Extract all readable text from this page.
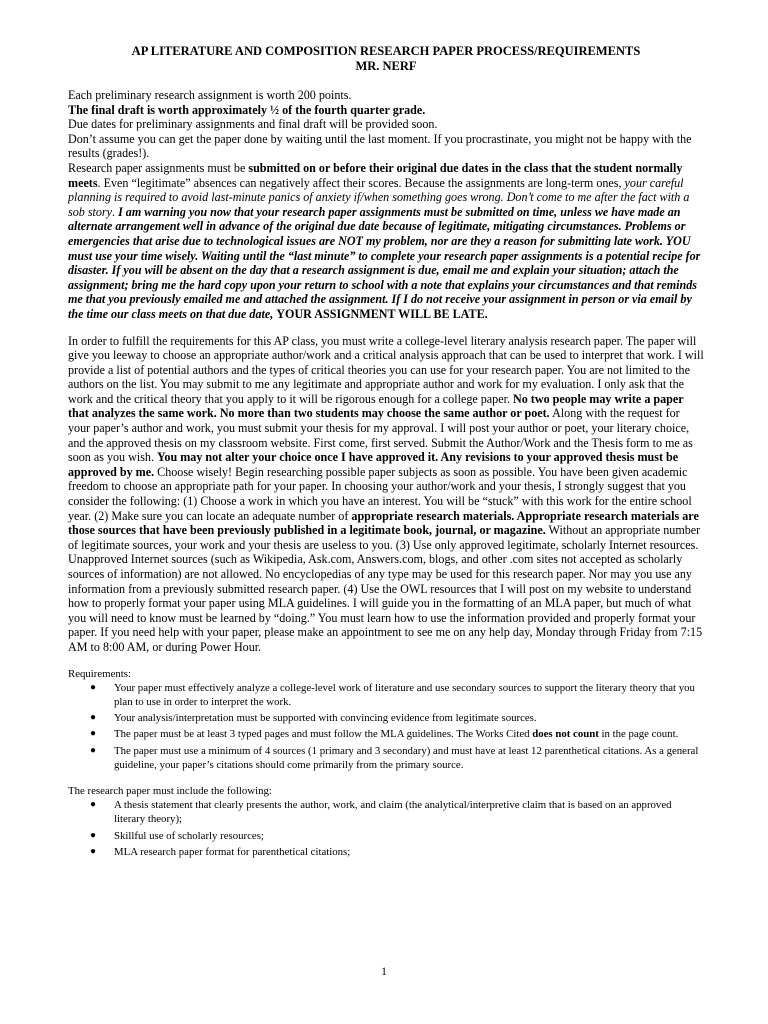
AP LITERATURE AND COMPOSITION RESEARCH PAPER PROCESS/REQUIREMENTS

MR. NERF

Each preliminary research assignment is worth 200 points.
The final draft is worth approximately ½ of the fourth quarter grade.
Due dates for preliminary assignments and final draft will be provided soon.
Don’t assume you can get the paper done by waiting until the last moment. If you procrastinate, you might not be happy with the results (grades!).
Research paper assignments must be submitted on or before their original due dates in the class that the student normally meets. Even “legitimate” absences can negatively affect their scores. Because the assignments are long-term ones, your careful planning is required to avoid last-minute panics of anxiety if/when something goes wrong. Don’t come to me after the fact with a sob story. I am warning you now that your research paper assignments must be submitted on time, unless we have made an alternate arrangement well in advance of the original due date because of legitimate, mitigating circumstances. Problems or emergencies that arise due to technological issues are NOT my problem, nor are they a reason for submitting late work. YOU must use your time wisely. Waiting until the “last minute” to complete your research paper assignments is a potential recipe for disaster. If you will be absent on the day that a research assignment is due, email me and explain your situation; attach the assignment; bring me the hard copy upon your return to school with a note that explains your circumstances and that reminds me that you previously emailed me and attached the assignment. If I do not receive your assignment in person or via email by the time our class meets on that due date, YOUR ASSIGNMENT WILL BE LATE.
In order to fulfill the requirements for this AP class, you must write a college-level literary analysis research paper. The paper will give you leeway to choose an appropriate author/work and a critical analysis approach that can be used to interpret that work. I will provide a list of potential authors and the types of critical theories you can use for your research paper. You are not limited to the authors on the list. You may submit to me any legitimate and appropriate author and work for my evaluation. I only ask that the work and the critical theory that you apply to it will be rigorous enough for a college paper. No two people may write a paper that analyzes the same work. No more than two students may choose the same author or poet. Along with the request for your paper’s author and work, you must submit your thesis for my approval. I will post your author or poet, your literary choice, and the approved thesis on my classroom website. First come, first served. Submit the Author/Work and the Thesis form to me as soon as you wish. You may not alter your choice once I have approved it. Any revisions to your approved thesis must be approved by me. Choose wisely! Begin researching possible paper subjects as soon as possible. You have been given academic freedom to choose an appropriate path for your paper. In choosing your author/work and your thesis, I strongly suggest that you consider the following: (1) Choose a work in which you have an interest. You will be “stuck” with this work for the entire school year. (2) Make sure you can locate an adequate number of appropriate research materials. Appropriate research materials are those sources that have been previously published in a legitimate book, journal, or magazine. Without an appropriate number of legitimate sources, your work and your thesis are useless to you. (3) Use only approved legitimate, scholarly Internet resources. Unapproved Internet sources (such as Wikipedia, Ask.com, Answers.com, blogs, and other .com sites not accepted as scholarly sources of information) are not allowed. No encyclopedias of any type may be used for this research paper. Nor may you use any information from a previously submitted research paper. (4) Use the OWL resources that I will post on my website to understand how to properly format your paper using MLA guidelines. I will guide you in the formatting of an MLA paper, but much of what you will need to know must be learned by “doing.” You must learn how to use the information provided and properly format your paper. If you need help with your paper, please make an appointment to see me on any help day, Monday through Friday from 7:15 AM to 8:00 AM, or during Power Hour.
Requirements:
● Your paper must effectively analyze a college-level work of literature and use secondary sources to support the literary theory that you plan to use in order to interpret the work.
● Your analysis/interpretation must be supported with convincing evidence from legitimate sources.
● The paper must be at least 3 typed pages and must follow the MLA guidelines. The Works Cited does not count in the page count.
● The paper must use a minimum of 4 sources (1 primary and 3 secondary) and must have at least 12 parenthetical citations. As a general guideline, your paper’s citations should come primarily from the primary source.
The research paper must include the following:
● A thesis statement that clearly presents the author, work, and claim (the analytical/interpretive claim that is based on an approved literary theory);
● Skillful use of scholarly resources;
● MLA research paper format for parenthetical citations;
1
